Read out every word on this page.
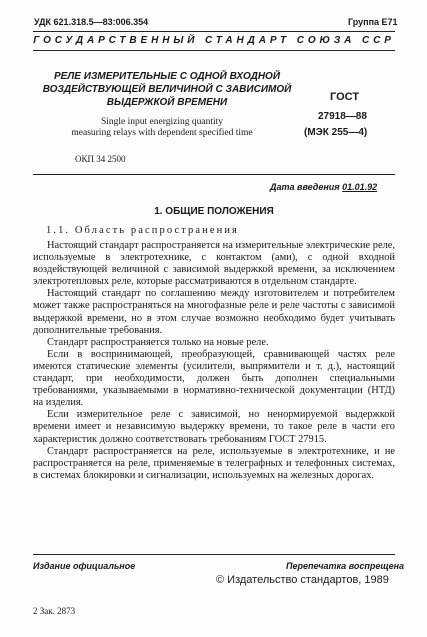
УДК 621.318.5—83:006.354	Группа Е71
ГОСУДАРСТВЕННЫЙ СТАНДАРТ СОЮЗА ССР
РЕЛЕ ИЗМЕРИТЕЛЬНЫЕ С ОДНОЙ ВХОДНОЙ
ВОЗДЕЙСТВУЮЩЕЙ ВЕЛИЧИНОЙ С ЗАВИСИМОЙ
ВЫДЕРЖКОЙ ВРЕМЕНИ
Single input energizing quantity
measuring relays with dependent specified time
ГОСТ
27918—88
(МЭК 255—4)
ОКП 34 2500
Дата введения 01.01.92
1. ОБЩИЕ ПОЛОЖЕНИЯ
1.1. Область распространения

Настоящий стандарт распространяется на измерительные электрические реле, используемые в электротехнике, с контактом (ами), с одной входной воздействующей величиной с зависимой выдержкой времени, за исключением электротепловых реле, которые рассматриваются в отдельном стандарте.

Настоящий стандарт по соглашению между изготовителем и потребителем может также распространяться на многофазные реле и реле частоты с зависимой выдержкой времени, но в этом случае возможно необходимо будет учитывать дополнительные требования.

Стандарт распространяется только на новые реле.

Если в воспринимающей, преобразующей, сравнивающей частях реле имеются статические элементы (усилители, выпрямители и т. д.), настоящий стандарт, при необходимости, должен быть дополнен специальными требованиями, указываемыми в нормативно-технической документации (НТД) на изделия.

Если измерительное реле с зависимой, но ненормируемой выдержкой времени имеет и независимую выдержку времени, то такое реле в части его характеристик должно соответствовать требованиям ГОСТ 27915.

Стандарт распространяется на реле, используемые в электротехнике, и не распространяется на реле, применяемые в телеграфных и телефонных системах, в системах блокировки и сигнализации, используемых на железных дорогах.

Издание официальное	Перепечатка воспрещена
© Издательство стандартов, 1989
2 Зак. 2873
